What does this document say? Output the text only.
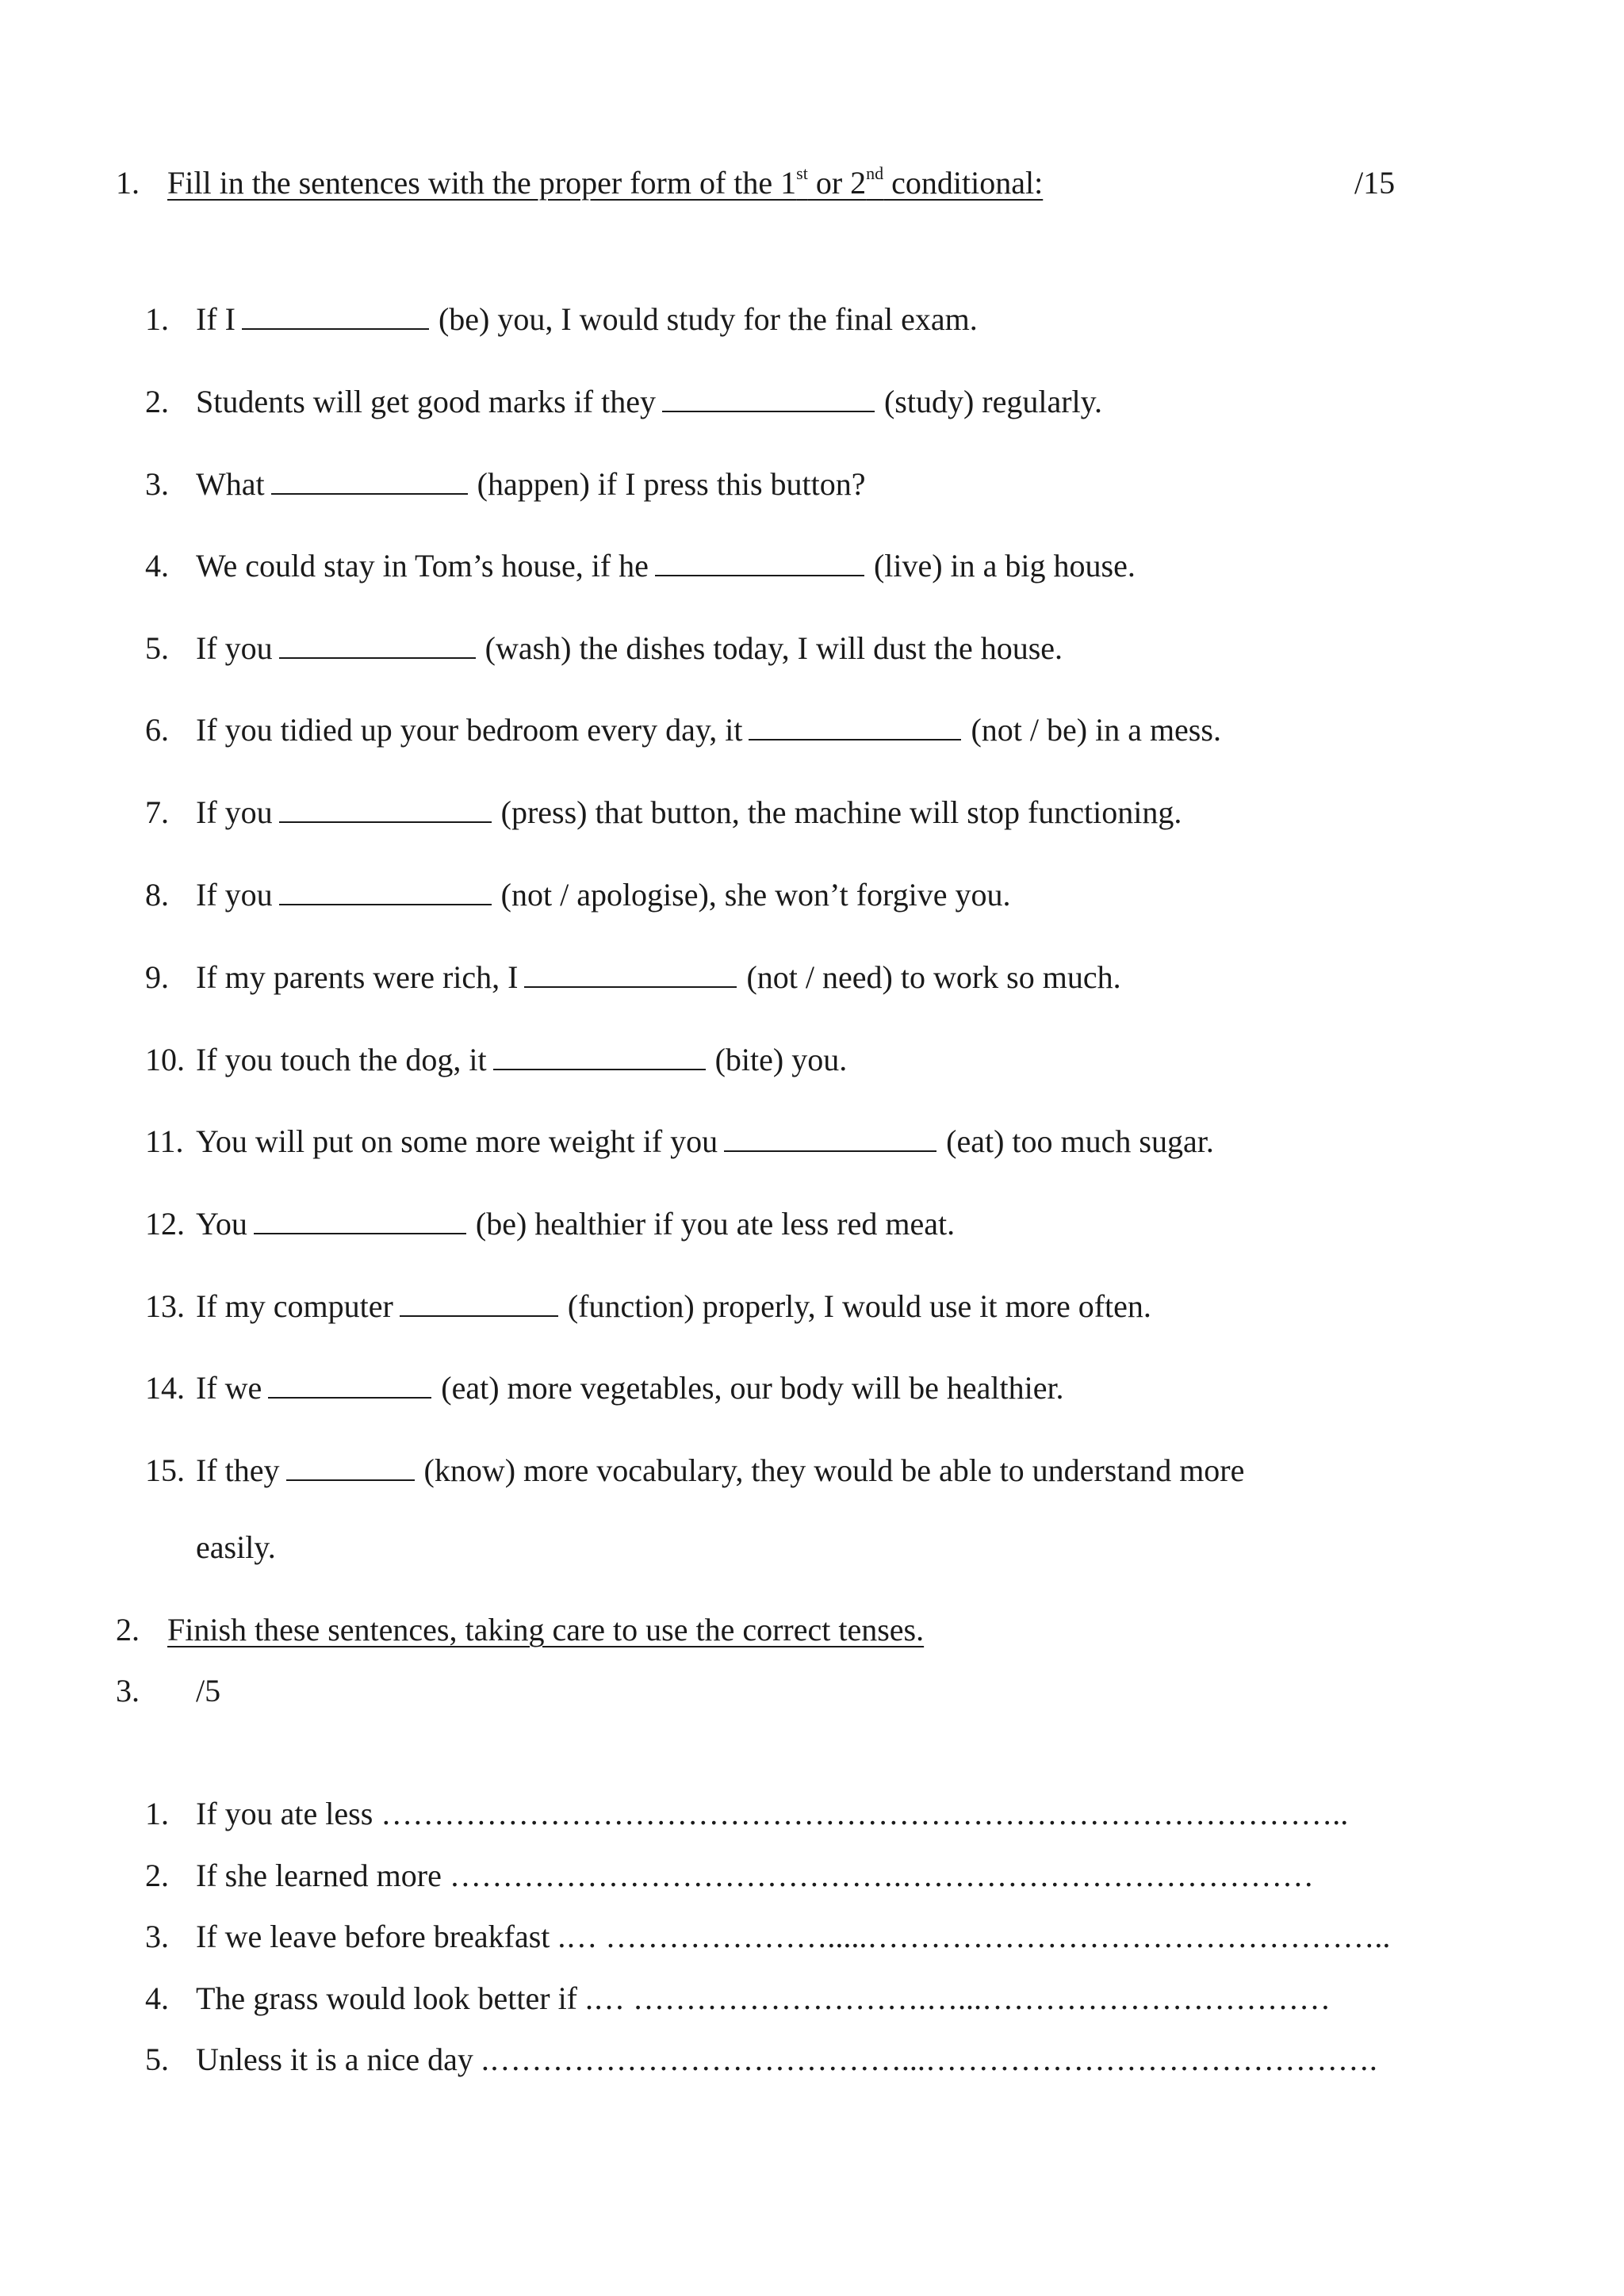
1. Fill in the sentences with the proper form of the 1st or 2nd conditional:	/15
1. If I	(be) you, I would study for the final exam.
2. Students will get good marks if they	(study) regularly.
3. What	(happen) if I press this button?
4. We could stay in Tom’s house, if he	(live) in a big house.
5. If you	(wash) the dishes today, I will dust the house.
6. If you tidied up your bedroom every day, it	(not / be) in a mess.
7. If you	(press) that button, the machine will stop functioning.
8. If you	(not / apologise), she won’t forgive you.
9. If my parents were rich, I	(not / need) to work so much.
10. If you touch the dog, it	(bite) you.
11. You will put on some more weight if you	(eat) too much sugar.
12. You	(be) healthier if you ate less red meat.
13. If my computer	(function) properly, I would use it more often.
14. If we	(eat) more vegetables, our body will be healthier.
15. If they	(know) more vocabulary, they would be able to understand more
easily.
2. Finish these sentences, taking care to use the correct tenses.
3. /5
1. If you ate less ………………………………………………………………………………..
2. If she learned more …………………………………….…………………………………
3. If we leave before breakfast .… ………………….....…………………………………………..
4. The grass would look better if .… ……………………….…...……………………………
5. Unless it is a nice day .…………………………………...…………………………………….
